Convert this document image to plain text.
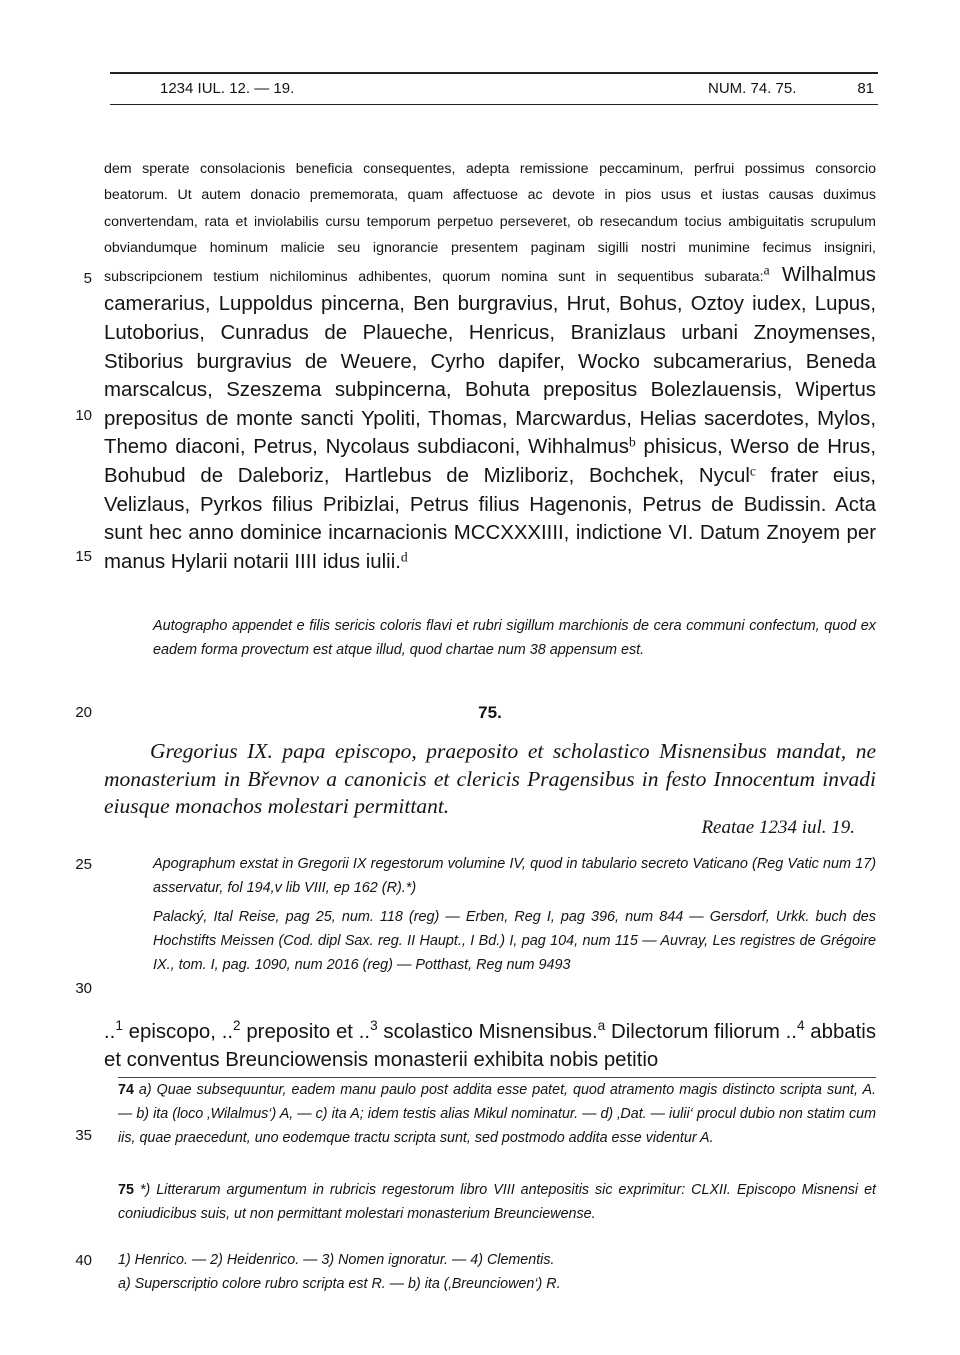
1234 IUL. 12. — 19.	NUM. 74. 75.	81
5
10
15
20
25
30
35
40
dem sperate consolacionis beneficia consequentes, adepta remissione peccaminum, perfrui possimus consorcio beatorum. Ut autem donacio prememorata, quam affectuose ac devote in pios usus et iustas causas duximus convertendam, rata et inviolabilis cursu temporum perpetuo perseveret, ob resecandum tocius ambiguitatis scrupulum obviandumque hominum malicie seu ignorancie presentem paginam sigilli nostri munimine fecimus insigniri, subscripcionem testium nichilominus adhibentes, quorum nomina sunt in sequentibus subarata:$^a$ Wilhalmus camerarius, Luppoldus pincerna, Ben burgravius, Hrut, Bohus, Oztoy iudex, Lupus, Lutoborius, Cunradus de Plaueche, Henricus, Branizlaus urbani Znoymenses, Stiborius burgravius de Weuere, Cyrho dapifer, Wocko subcamerarius, Beneda marscalcus, Szeszema subpincerna, Bohuta prepositus Bolezlauensis, Wipertus prepositus de monte sancti Ypoliti, Thomas, Marcwardus, Helias sacerdotes, Mylos, Themo diaconi, Petrus, Nycolaus subdiaconi, Wihhalmus$^b$ phisicus, Werso de Hrus, Bohubud de Daleboriz, Hartlebus de Mizliboriz, Bochchek, Nycul$^c$ frater eius, Velizlaus, Pyrkos filius Pribizlai, Petrus filius Hagenonis, Petrus de Budissin. Acta sunt hec anno dominice incarnacionis MCCXXXIIII, indictione VI. Datum Znoyem per manus Hylarii notarii IIII idus iulii.$^d$
Autographo appendet e filis sericis coloris flavi et rubri sigillum marchionis de cera communi confectum, quod ex eadem forma provectum est atque illud, quod chartae num 38 appensum est.
75.
Gregorius IX. papa episcopo, praeposito et scholastico Misnensibus mandat, ne monasterium in Břevnov a canonicis et clericis Pragensibus in festo Innocentum invadi eiusque monachos molestari permittant.
Reatae 1234 iul. 19.
Apographum exstat in Gregorii IX regestorum volumine IV, quod in tabulario secreto Vaticano (Reg Vatic num 17) asservatur, fol 194,v lib VIII, ep 162 (R).*)
Palacký, Ital Reise, pag 25, num. 118 (reg) — Erben, Reg I, pag 396, num 844 — Gersdorf, Urkk. buch des Hochstifts Meissen (Cod. dipl Sax. reg. II Haupt., I Bd.) I, pag 104, num 115 — Auvray, Les registres de Grégoire IX., tom. I, pag. 1090, num 2016 (reg) — Potthast, Reg num 9493
..$^1$ episcopo, ..$^2$ preposito et ..$^3$ scolastico Misnensibus.$^a$ Dilectorum filiorum ..$^4$ abbatis et conventus Breunciowensis monasterii exhibita nobis petitio
74 a) Quae subsequuntur, eadem manu paulo post addita esse patet, quod atramento magis distincto scripta sunt, A. — b) ita (loco ‚Wilalmus‘) A, — c) ita A; idem testis alias Mikul nominatur. — d) ‚Dat. — iulii‘ procul dubio non statim cum iis, quae praecedunt, uno eodemque tractu scripta sunt, sed postmodo addita esse videntur A.
75 *) Litterarum argumentum in rubricis regestorum libro VIII antepositis sic exprimitur: CLXII. Episcopo Misnensi et coniudicibus suis, ut non permittant molestari monasterium Breunciewense.
1) Henrico. — 2) Heidenrico. — 3) Nomen ignoratur. — 4) Clementis.
a) Superscriptio colore rubro scripta est R. — b) ita (‚Breunciowen‘) R.
